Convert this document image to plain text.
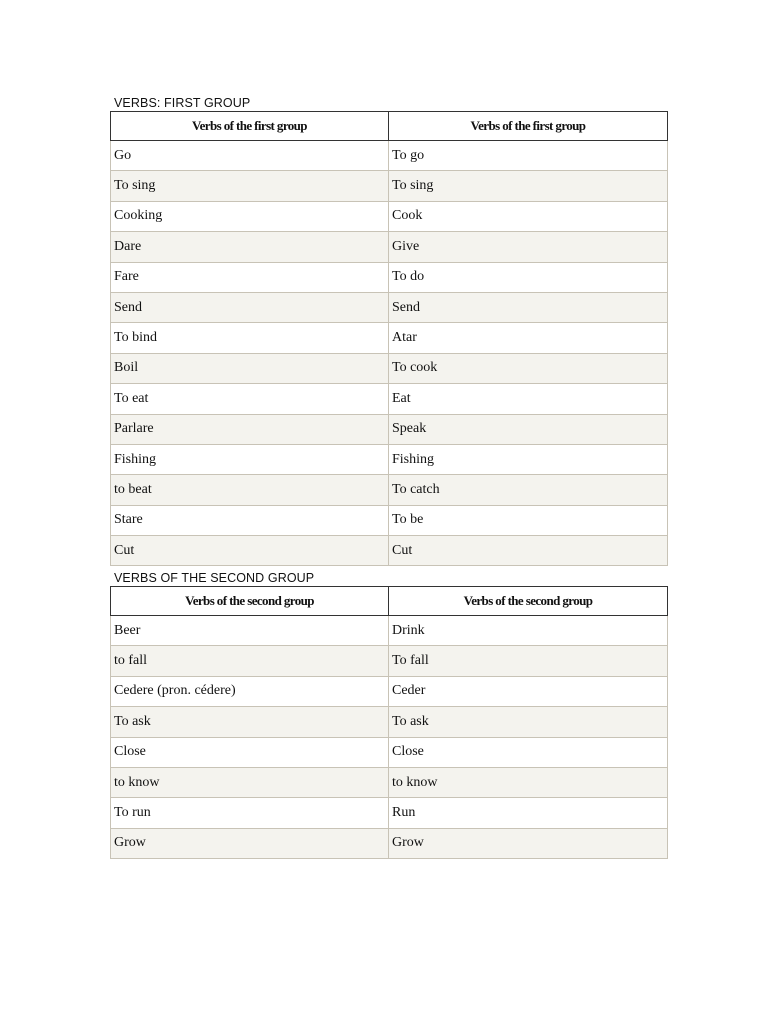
VERBS: FIRST GROUP
Verbs of the first group	Verbs of the first group
Go	To go
To sing	To sing
Cooking	Cook
Dare	Give
Fare	To do
Send	Send
To bind	Atar
Boil	To cook
To eat	Eat
Parlare	Speak
Fishing	Fishing
to beat	To catch
Stare	To be
Cut	Cut
VERBS OF THE SECOND GROUP
Verbs of the second group	Verbs of the second group
Beer	Drink
to fall	To fall
Cedere (pron. cédere)	Ceder
To ask	To ask
Close	Close
to know	to know
To run	Run
Grow	Grow
